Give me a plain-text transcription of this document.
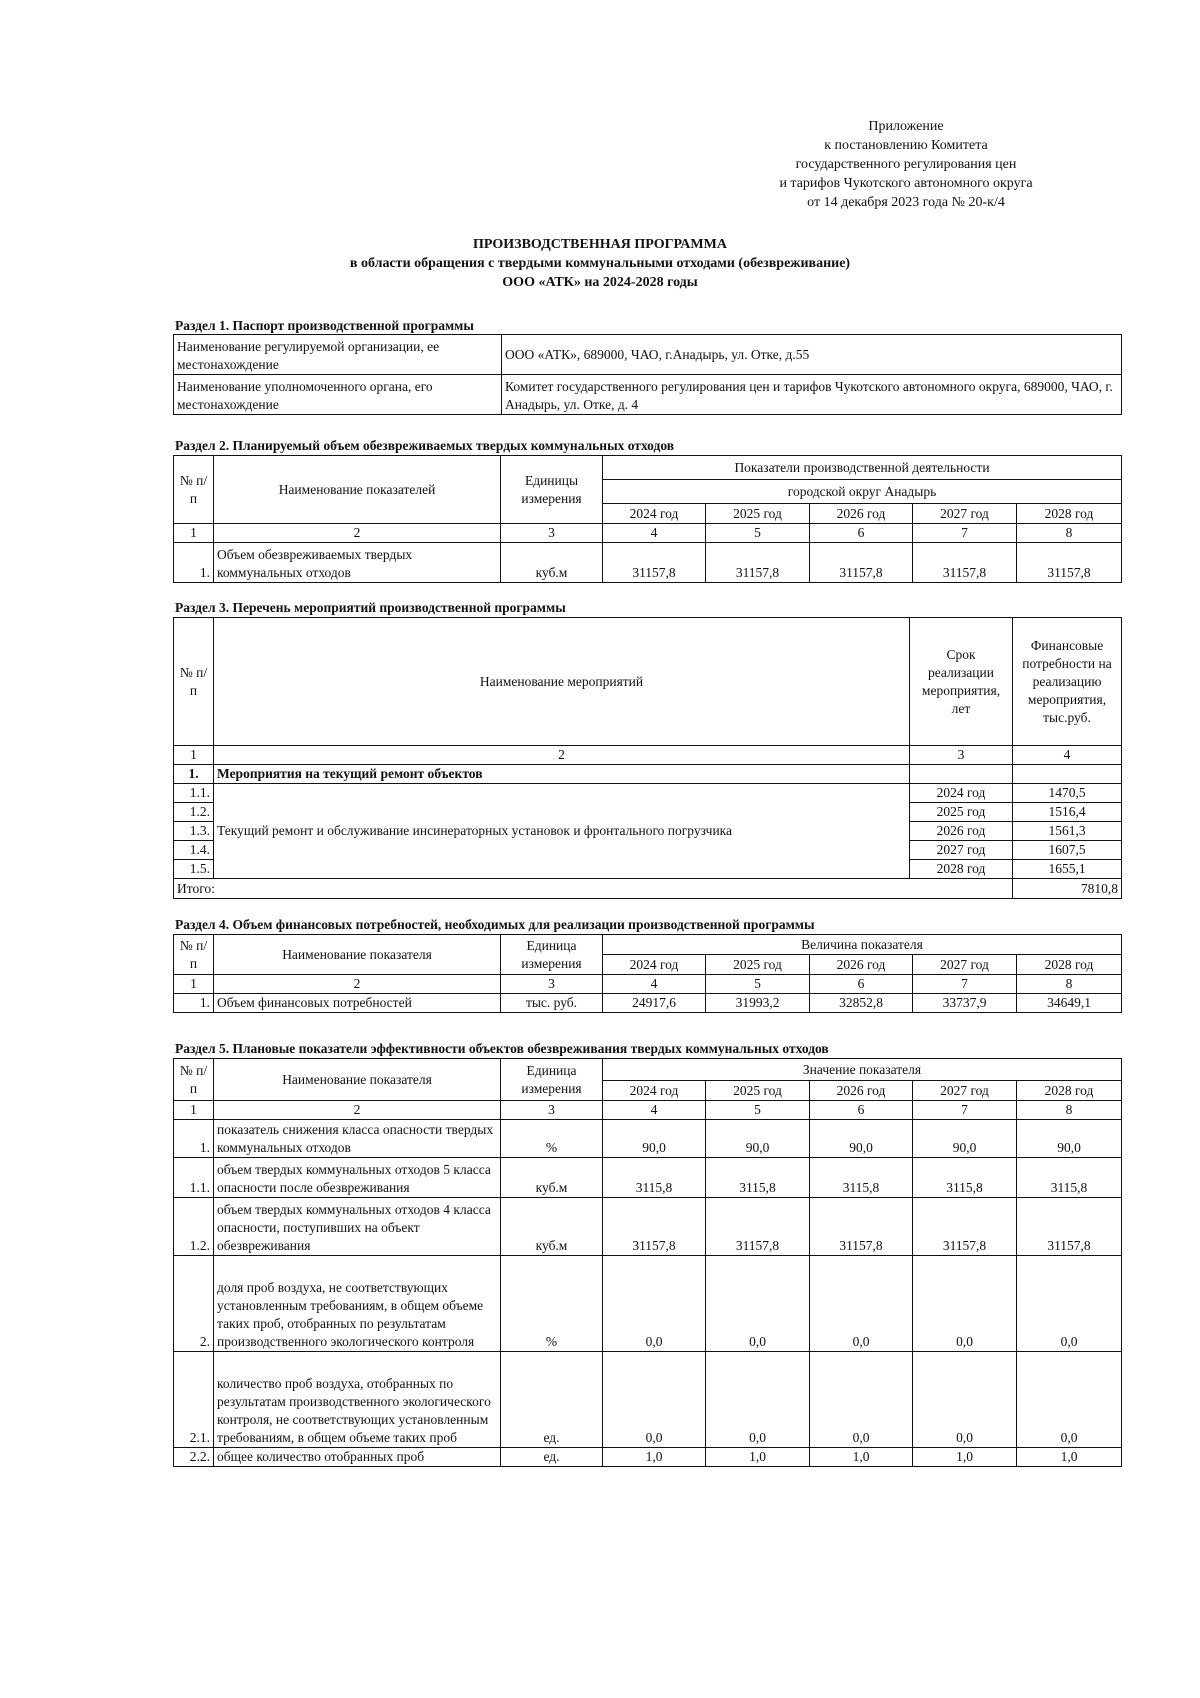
Приложение
к постановлению Комитета
государственного регулирования цен
и тарифов Чукотского автономного округа
от 14 декабря 2023 года № 20-к/4
ПРОИЗВОДСТВЕННАЯ ПРОГРАММА
в области обращения с твердыми коммунальными отходами (обезвреживание)
ООО «АТК» на 2024-2028 годы
Раздел 1. Паспорт производственной программы
Наименование регулируемой организации, ее местонахождение	ООО «АТК», 689000, ЧАО, г.Анадырь, ул. Отке, д.55
Наименование уполномоченного органа, его местонахождение	Комитет государственного регулирования цен и тарифов Чукотского автономного округа, 689000, ЧАО, г. Анадырь, ул. Отке, д. 4
Раздел 2. Планируемый объем обезвреживаемых твердых коммунальных отходов
№ п/п	Наименование показателей	Единицы измерения	Показатели производственной деятельности				
			городской округ Анадырь				
			2024 год	2025 год	2026 год	2027 год	2028 год
1	2	3	4	5	6	7	8
1.	Объем обезвреживаемых твердых коммунальных отходов	куб.м	31157,8	31157,8	31157,8	31157,8	31157,8
Раздел 3. Перечень мероприятий производственной программы
№ п/п	Наименование мероприятий	Срок реализации мероприятия, лет	Финансовые потребности на реализацию мероприятия, тыс.руб.
1	2	3	4
1.	Мероприятия на текущий ремонт объектов		
1.1.	Текущий ремонт и обслуживание инсинераторных установок и фронтального погрузчика	2024 год	1470,5
1.2.		2025 год	1516,4
1.3.		2026 год	1561,3
1.4.		2027 год	1607,5
1.5.		2028 год	1655,1
Итого:			7810,8
Раздел 4. Объем финансовых потребностей, необходимых для реализации производственной программы
№ п/п	Наименование показателя	Единица измерения	Величина показателя				
			2024 год	2025 год	2026 год	2027 год	2028 год
1	2	3	4	5	6	7	8
1.	Объем финансовых потребностей	тыс. руб.	24917,6	31993,2	32852,8	33737,9	34649,1
Раздел 5. Плановые показатели эффективности объектов обезвреживания твердых коммунальных отходов
№ п/п	Наименование показателя	Единица измерения	Значение показателя				
			2024 год	2025 год	2026 год	2027 год	2028 год
1	2	3	4	5	6	7	8
1.	показатель снижения класса опасности твердых коммунальных отходов	%	90,0	90,0	90,0	90,0	90,0
1.1.	объем твердых коммунальных отходов 5 класса опасности после обезвреживания	куб.м	3115,8	3115,8	3115,8	3115,8	3115,8
1.2.	объем твердых коммунальных отходов 4 класса опасности, поступивших на объект обезвреживания	куб.м	31157,8	31157,8	31157,8	31157,8	31157,8
2.	доля проб воздуха, не соответствующих установленным требованиям, в общем объеме таких проб, отобранных по результатам производственного экологического контроля	%	0,0	0,0	0,0	0,0	0,0
2.1.	количество проб воздуха, отобранных по результатам производственного экологического контроля, не соответствующих установленным требованиям, в общем объеме таких проб	ед.	0,0	0,0	0,0	0,0	0,0
2.2.	общее количество отобранных проб	ед.	1,0	1,0	1,0	1,0	1,0
